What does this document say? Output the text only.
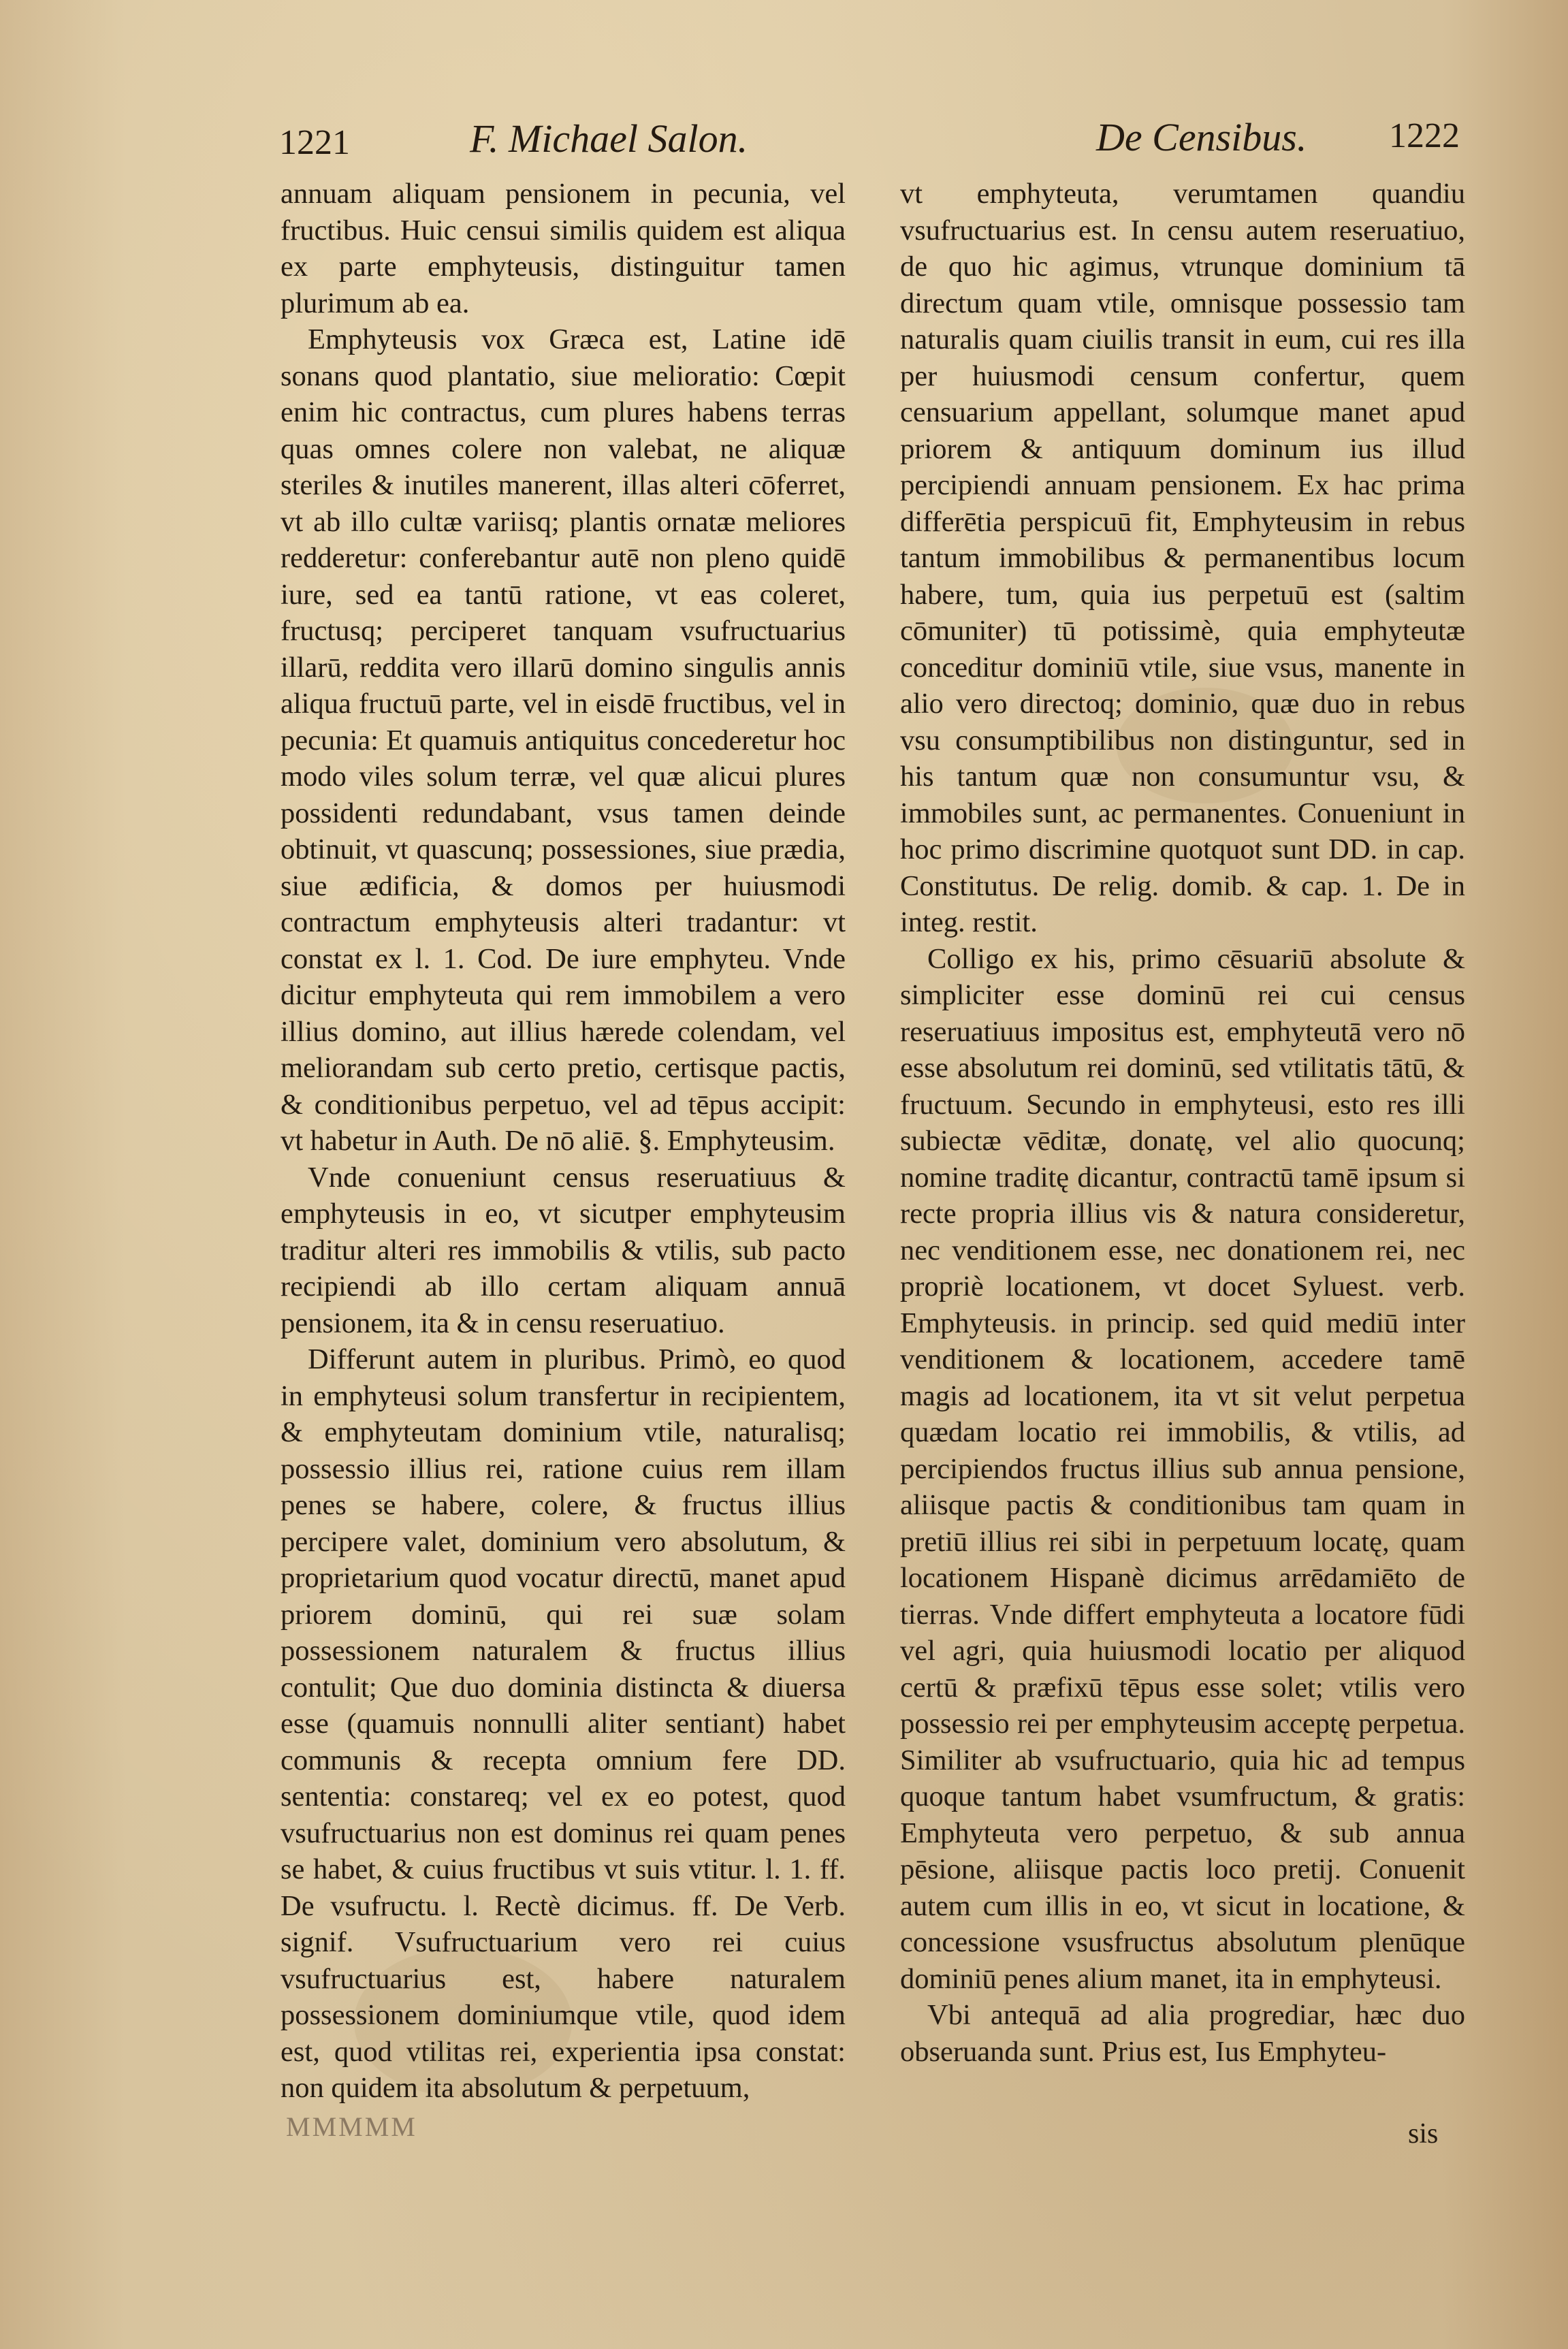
1221	F. Michael Salon.	De Censibus. 1222

annuam aliquam pensionem in pecunia, vel fructibus. Huic censui similis quidem est aliqua ex parte emphyteusis, distinguitur tamen plurimum ab ea.

Emphyteusis vox Græca est, Latine idē sonans quod plantatio, siue melioratio: Cœpit enim hic contractus, cum plures habens terras quas omnes colere non valebat, ne aliquæ steriles & inutiles manerent, illas alteri cōferret, vt ab illo cultæ variisq; plantis ornatæ meliores redderetur: conferebantur autē non pleno quidē iure, sed ea tantū ratione, vt eas coleret, fructusq; perciperet tanquam vsufructuarius illarū, reddita vero illarū domino singulis annis aliqua fructuū parte, vel in eisdē fructibus, vel in pecunia: Et quamuis antiquitus concederetur hoc modo viles solum terræ, vel quæ alicui plures possidenti redundabant, vsus tamen deinde obtinuit, vt quascunq; possessiones, siue prædia, siue ædificia, & domos per huiusmodi contractum emphyteusis alteri tradantur: vt constat ex l. 1. Cod. De iure emphyteu. Vnde dicitur emphyteuta qui rem immobilem a vero illius domino, aut illius hærede colendam, vel meliorandam sub certo pretio, certisque pactis, & conditionibus perpetuo, vel ad tēpus accipit: vt habetur in Auth. De nō aliē. §. Emphyteusim.

Vnde conueniunt census reseruatiuus & emphyteusis in eo, vt sicutper emphyteusim traditur alteri res immobilis & vtilis, sub pacto recipiendi ab illo certam aliquam annuā pensionem, ita & in censu reseruatiuo.

Differunt autem in pluribus. Primò, eo quod in emphyteusi solum transfertur in recipientem, & emphyteutam dominium vtile, naturalisq; possessio illius rei, ratione cuius rem illam penes se habere, colere, & fructus illius percipere valet, dominium vero absolutum, & proprietarium quod vocatur directū, manet apud priorem dominū, qui rei suæ solam possessionem naturalem & fructus illius contulit; Que duo dominia distincta & diuersa esse (quamuis nonnulli aliter sentiant) habet communis & recepta omnium fere DD. sententia: constareq; vel ex eo potest, quod vsufructuarius non est dominus rei quam penes se habet, & cuius fructibus vt suis vtitur. l. 1. ff. De vsufructu. l. Rectè dicimus. ff. De Verb. signif. Vsufructuarium vero rei cuius vsufructuarius est, habere naturalem possessionem dominiumque vtile, quod idem est, quod vtilitas rei, experientia ipsa constat: non quidem ita absolutum & perpetuum,

vt emphyteuta, verumtamen quandiu vsufructuarius est. In censu autem reseruatiuo, de quo hic agimus, vtrunque dominium tā directum quam vtile, omnisque possessio tam naturalis quam ciuilis transit in eum, cui res illa per huiusmodi censum confertur, quem censuarium appellant, solumque manet apud priorem & antiquum dominum ius illud percipiendi annuam pensionem. Ex hac prima differētia perspicuū fit, Emphyteusim in rebus tantum immobilibus & permanentibus locum habere, tum, quia ius perpetuū est (saltim cōmuniter) tū potissimè, quia emphyteutæ conceditur dominiū vtile, siue vsus, manente in alio vero directoq; dominio, quæ duo in rebus vsu consumptibilibus non distinguntur, sed in his tantum quæ non consumuntur vsu, & immobiles sunt, ac permanentes. Conueniunt in hoc primo discrimine quotquot sunt DD. in cap. Constitutus. De relig. domib. & cap. 1. De in integ. restit.

Colligo ex his, primo cēsuariū absolute & simpliciter esse dominū rei cui census reseruatiuus impositus est, emphyteutā vero nō esse absolutum rei dominū, sed vtilitatis tātū, & fructuum. Secundo in emphyteusi, esto res illi subiectæ vēditæ, donatę, vel alio quocunq; nomine traditę dicantur, contractū tamē ipsum si recte propria illius vis & natura consideretur, nec venditionem esse, nec donationem rei, nec propriè locationem, vt docet Syluest. verb. Emphyteusis. in princip. sed quid mediū inter venditionem & locationem, accedere tamē magis ad locationem, ita vt sit velut perpetua quædam locatio rei immobilis, & vtilis, ad percipiendos fructus illius sub annua pensione, aliisque pactis & conditionibus tam quam in pretiū illius rei sibi in perpetuum locatę, quam locationem Hispanè dicimus arrēdamiēto de tierras. Vnde differt emphyteuta a locatore fūdi vel agri, quia huiusmodi locatio per aliquod certū & præfixū tēpus esse solet; vtilis vero possessio rei per emphyteusim acceptę perpetua. Similiter ab vsufructuario, quia hic ad tempus quoque tantum habet vsumfructum, & gratis: Emphyteuta vero perpetuo, & sub annua pēsione, aliisque pactis loco pretij. Conuenit autem cum illis in eo, vt sicut in locatione, & concessione vsusfructus absolutum plenūque dominiū penes alium manet, ita in emphyteusi.

Vbi antequā ad alia progrediar, hæc duo obseruanda sunt. Prius est, Ius Emphyteu-

MMMMM	sis
